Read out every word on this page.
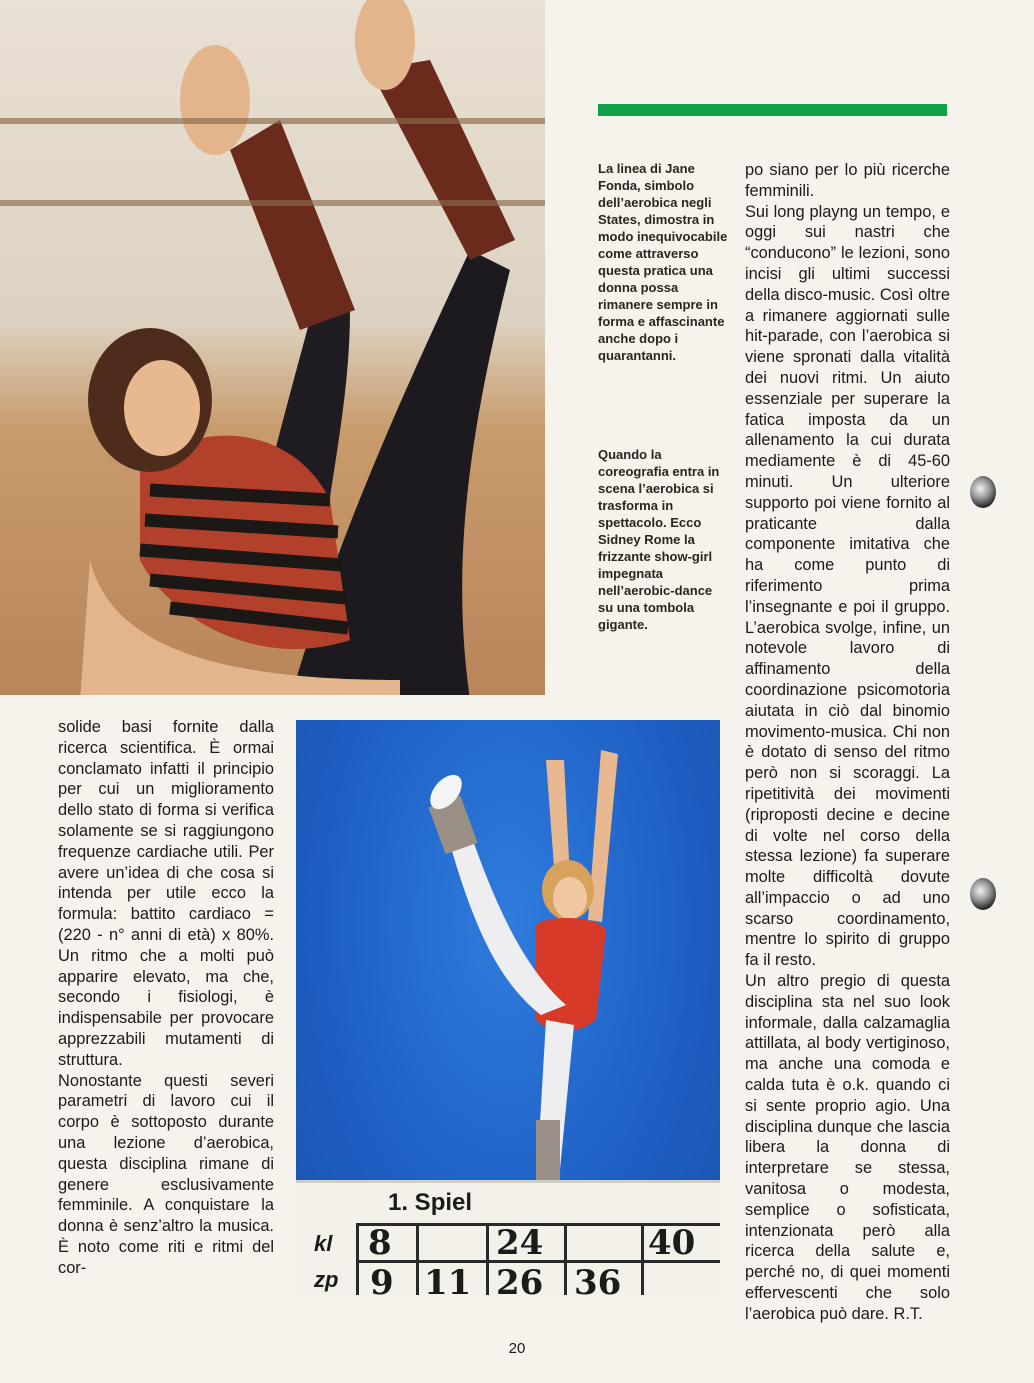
1. Spiel
kl
zp
8	24	40
9 11 26 36
La linea di Jane Fonda, simbolo dell’aerobica negli States, dimostra in modo inequivocabile come attraverso questa pratica una donna possa rimanere sempre in forma e affascinante anche dopo i quarantanni.
Quando la coreografia entra in scena l’aerobica si trasforma in spettacolo. Ecco Sidney Rome la frizzante show-girl impegnata nell’aerobic-dance su una tombola gigante.
po siano per lo più ricerche femminili.
Sui long playng un tempo, e oggi sui nastri che “conducono” le lezioni, sono incisi gli ultimi successi della disco-music. Così oltre a rimanere aggiornati sulle hit-parade, con l’aerobica si viene spronati dalla vitalità dei nuovi ritmi. Un aiuto essenziale per superare la fatica imposta da un allenamento la cui durata mediamente è di 45-60 minuti. Un ulteriore supporto poi viene fornito al praticante dalla componente imitativa che ha come punto di riferimento prima l’insegnante e poi il gruppo. L’aerobica svolge, infine, un notevole lavoro di affinamento della coordinazione psicomotoria aiutata in ciò dal binomio movimento-musica. Chi non è dotato di senso del ritmo però non si scoraggi. La ripetitività dei movimenti (riproposti decine e decine di volte nel corso della stessa lezione) fa superare molte difficoltà dovute all’impaccio o ad uno scarso coordinamento, mentre lo spirito di gruppo fa il resto.
Un altro pregio di questa disciplina sta nel suo look informale, dalla calzamaglia attillata, al body vertiginoso, ma anche una comoda e calda tuta è o.k. quando ci si sente proprio agio. Una disciplina dunque che lascia libera la donna di interpretare se stessa, vanitosa o modesta, semplice o sofisticata, intenzionata però alla ricerca della salute e, perché no, di quei momenti effervescenti che solo l’aerobica può dare. R.T.
solide basi fornite dalla ricerca scientifica. È ormai conclamato infatti il principio per cui un miglioramento dello stato di forma si verifica solamente se si raggiungono frequenze cardiache utili. Per avere un’idea di che cosa si intenda per utile ecco la formula: battito cardiaco = (220 - n° anni di età) x 80%. Un ritmo che a molti può apparire elevato, ma che, secondo i fisiologi, è indispensabile per provocare apprezzabili mutamenti di struttura.
Nonostante questi severi parametri di lavoro cui il corpo è sottoposto durante una lezione d’aerobica, questa disciplina rimane di genere esclusivamente femminile. A conquistare la donna è senz’altro la musica. È noto come riti e ritmi del cor-
20
